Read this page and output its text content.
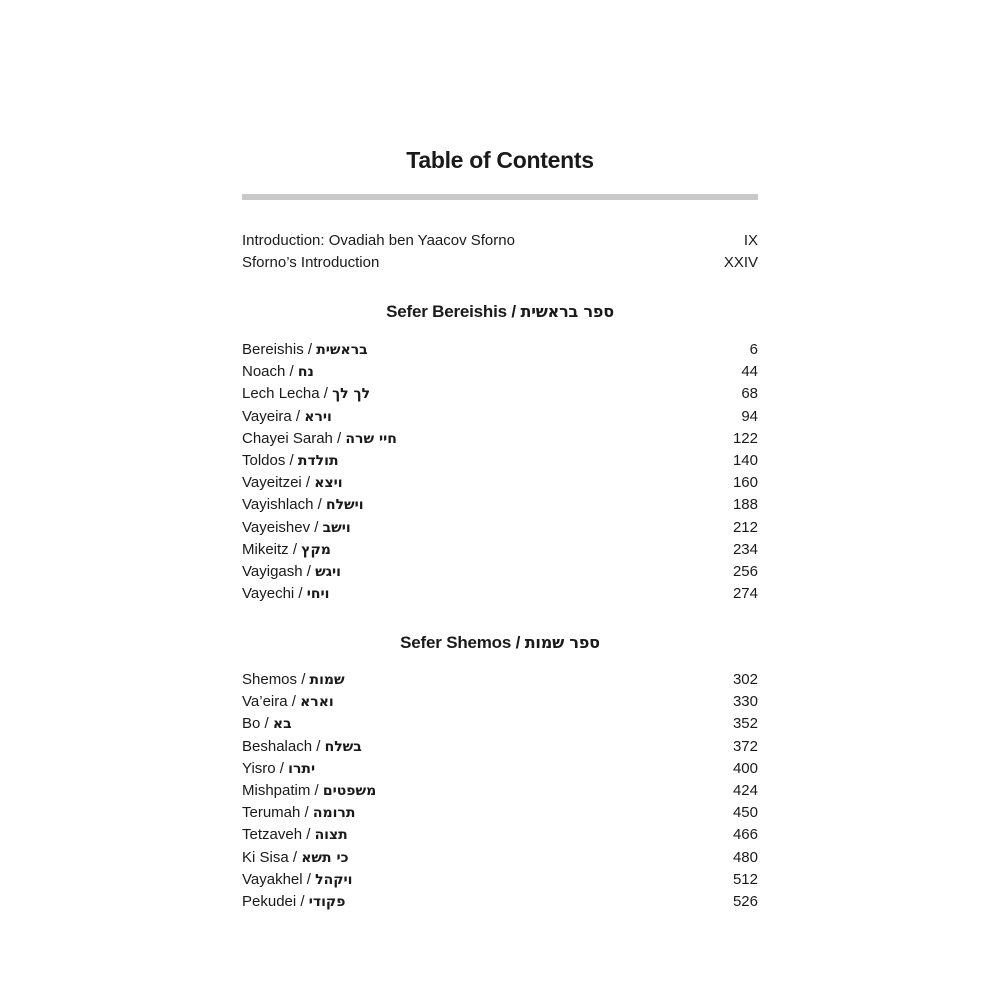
Table of Contents
Introduction: Ovadiah ben Yaacov Sforno	IX
Sforno’s Introduction	XXIV
Sefer Bereishis / ספר בראשית
Bereishis / בראשית	6
Noach / נח	44
Lech Lecha / לך לך	68
Vayeira / וירא	94
Chayei Sarah / חיי שרה	122
Toldos / תולדת	140
Vayeitzei / ויצא	160
Vayishlach / וישלח	188
Vayeishev / וישב	212
Mikeitz / מקץ	234
Vayigash / ויגש	256
Vayechi / ויחי	274
Sefer Shemos / ספר שמות
Shemos / שמות	302
Va’eira / וארא	330
Bo / בא	352
Beshalach / בשלח	372
Yisro / יתרו	400
Mishpatim / משפטים	424
Terumah / תרומה	450
Tetzaveh / תצוה	466
Ki Sisa / כי תשא	480
Vayakhel / ויקהל	512
Pekudei / פקודי	526
